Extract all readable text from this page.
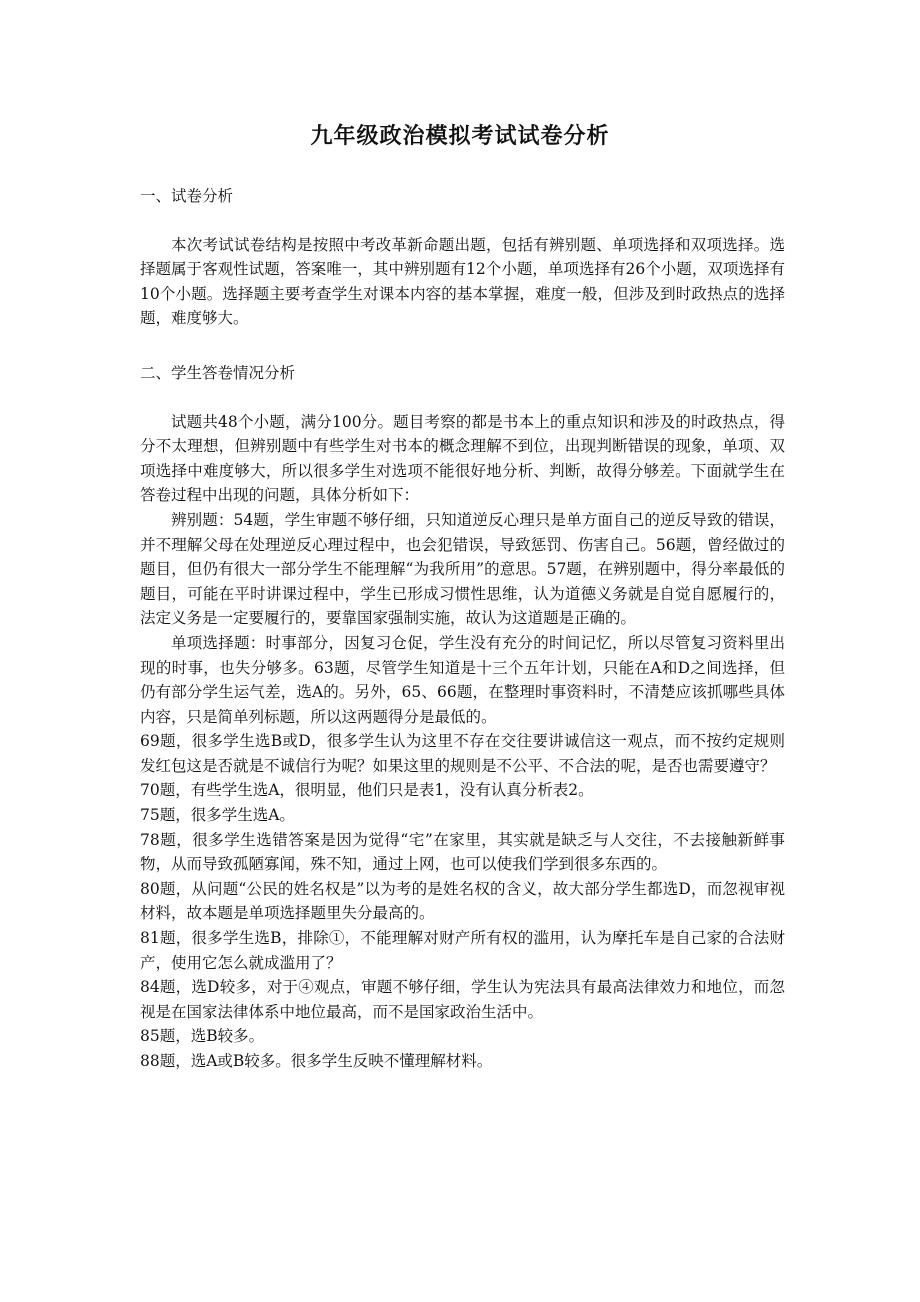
九年级政治模拟考试试卷分析

一、试卷分析

本次考试试卷结构是按照中考改革新命题出题，包括有辨别题、单项选择和双项选择。选择题属于客观性试题，答案唯一，其中辨别题有12个小题，单项选择有26个小题，双项选择有10个小题。选择题主要考查学生对课本内容的基本掌握，难度一般，但涉及到时政热点的选择题，难度够大。

二、学生答卷情况分析

试题共48个小题，满分100分。题目考察的都是书本上的重点知识和涉及的时政热点，得分不太理想，但辨别题中有些学生对书本的概念理解不到位，出现判断错误的现象，单项、双项选择中难度够大，所以很多学生对选项不能很好地分析、判断，故得分够差。下面就学生在答卷过程中出现的问题，具体分析如下：

辨别题：54题，学生审题不够仔细，只知道逆反心理只是单方面自己的逆反导致的错误，并不理解父母在处理逆反心理过程中，也会犯错误，导致惩罚、伤害自己。56题，曾经做过的题目，但仍有很大一部分学生不能理解“为我所用”的意思。57题，在辨别题中，得分率最低的题目，可能在平时讲课过程中，学生已形成习惯性思维，认为道德义务就是自觉自愿履行的，法定义务是一定要履行的，要靠国家强制实施，故认为这道题是正确的。

单项选择题：时事部分，因复习仓促，学生没有充分的时间记忆，所以尽管复习资料里出现的时事，也失分够多。63题，尽管学生知道是十三个五年计划，只能在A和D之间选择，但仍有部分学生运气差，选A的。另外，65、66题，在整理时事资料时，不清楚应该抓哪些具体内容，只是简单列标题，所以这两题得分是最低的。

69题，很多学生选B或D，很多学生认为这里不存在交往要讲诚信这一观点，而不按约定规则发红包这是否就是不诚信行为呢？如果这里的规则是不公平、不合法的呢，是否也需要遵守？

70题，有些学生选A，很明显，他们只是表1，没有认真分析表2。

75题，很多学生选A。

78题，很多学生选错答案是因为觉得“宅”在家里，其实就是缺乏与人交往，不去接触新鲜事物，从而导致孤陋寡闻，殊不知，通过上网，也可以使我们学到很多东西的。

80题，从问题“公民的姓名权是”以为考的是姓名权的含义，故大部分学生都选D，而忽视审视材料，故本题是单项选择题里失分最高的。

81题，很多学生选B，排除①，不能理解对财产所有权的滥用，认为摩托车是自己家的合法财产，使用它怎么就成滥用了？

84题，选D较多，对于④观点，审题不够仔细，学生认为宪法具有最高法律效力和地位，而忽视是在国家法律体系中地位最高，而不是国家政治生活中。

85题，选B较多。

88题，选A或B较多。很多学生反映不懂理解材料。
